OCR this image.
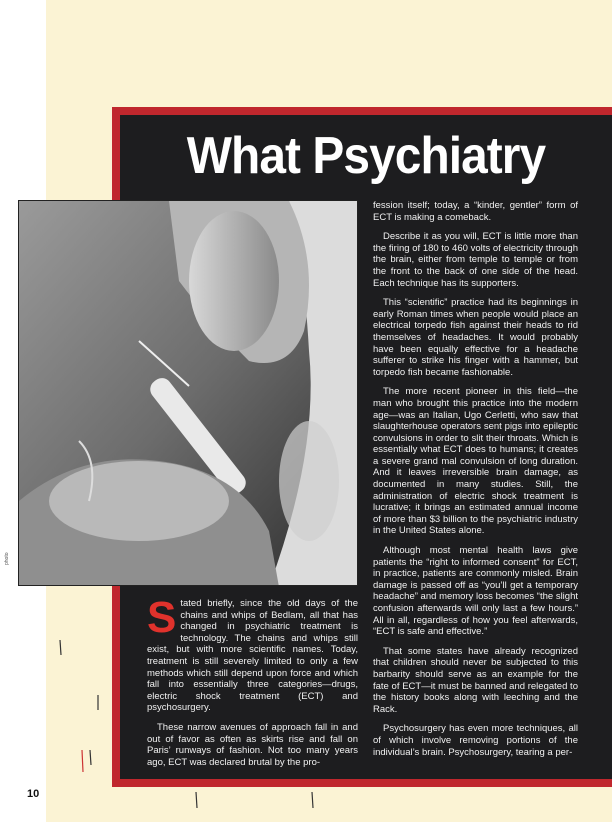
What Psychiatry
photo

fession itself; today, a “kinder, gentler” form of ECT is making a comeback.

Describe it as you will, ECT is little more than the firing of 180 to 460 volts of electricity through the brain, either from temple to temple or from the front to the back of one side of the head. Each technique has its supporters.

This “scientific” practice had its beginnings in early Roman times when people would place an electrical torpedo fish against their heads to rid themselves of headaches. It would probably have been equally effective for a headache sufferer to strike his finger with a hammer, but torpedo fish became fashionable.

The more recent pioneer in this field—the man who brought this practice into the modern age—was an Italian, Ugo Cerletti, who saw that slaughterhouse operators sent pigs into epileptic convulsions in order to slit their throats. Which is essentially what ECT does to humans; it creates a severe grand mal convulsion of long duration. And it leaves irreversible brain damage, as documented in many studies. Still, the administration of electric shock treatment is lucrative; it brings an estimated annual income of more than $3 billion to the psychiatric industry in the United States alone.

Although most mental health laws give patients the “right to informed consent” for ECT, in practice, patients are commonly misled. Brain damage is passed off as “you’ll get a temporary headache” and memory loss becomes “the slight confusion afterwards will only last a few hours.” All in all, regardless of how you feel afterwards, “ECT is safe and effective.”

That some states have already recognized that children should never be subjected to this barbarity should serve as an example for the fate of ECT—it must be banned and relegated to the history books along with leeching and the Rack.

Psychosurgery has even more techniques, all of which involve removing portions of the individual’s brain. Psychosurgery, tearing a per-

Stated briefly, since the old days of the chains and whips of Bedlam, all that has changed in psychiatric treatment is technology. The chains and whips still exist, but with more scientific names. Today, treatment is still severely limited to only a few methods which still depend upon force and which fall into essentially three categories—drugs, electric shock treatment (ECT) and psychosurgery.

These narrow avenues of approach fall in and out of favor as often as skirts rise and fall on Paris’ runways of fashion. Not too many years ago, ECT was declared brutal by the pro-

10
